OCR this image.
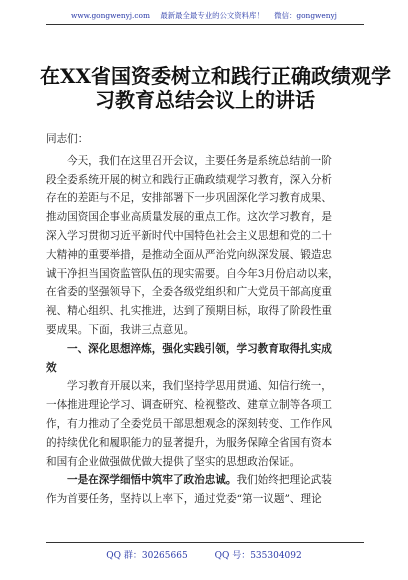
www.gongwenyj.com 最新最全最专业的公文资料库！ 微信：gongwenyj
在XX省国资委树立和践行正确政绩观学
习教育总结会议上的讲话
同志们：

今天，我们在这里召开会议，主要任务是系统总结前一阶
段全委系统开展的树立和践行正确政绩观学习教育，深入分析
存在的差距与不足，安排部署下一步巩固深化学习教育成果、
推动国资国企事业高质量发展的重点工作。这次学习教育，是
深入学习贯彻习近平新时代中国特色社会主义思想和党的二十
大精神的重要举措，是推动全面从严治党向纵深发展、锻造忠
诚干净担当国资监管队伍的现实需要。自今年3月份启动以来，
在省委的坚强领导下，全委各级党组织和广大党员干部高度重
视、精心组织、扎实推进，达到了预期目标，取得了阶段性重
要成果。下面，我讲三点意见。

一、深化思想淬炼，强化实践引领，学习教育取得扎实成
效

学习教育开展以来，我们坚持学思用贯通、知信行统一，
一体推进理论学习、调查研究、检视整改、建章立制等各项工
作，有力推动了全委党员干部思想观念的深刻转变、工作作风
的持续优化和履职能力的显著提升，为服务保障全省国有资本
和国有企业做强做优做大提供了坚实的思想政治保证。

一是在深学细悟中筑牢了政治忠诚。我们始终把理论武装
作为首要任务，坚持以上率下，通过党委“第一议题”、理论

QQ 群：30265665	QQ 号：535304092
